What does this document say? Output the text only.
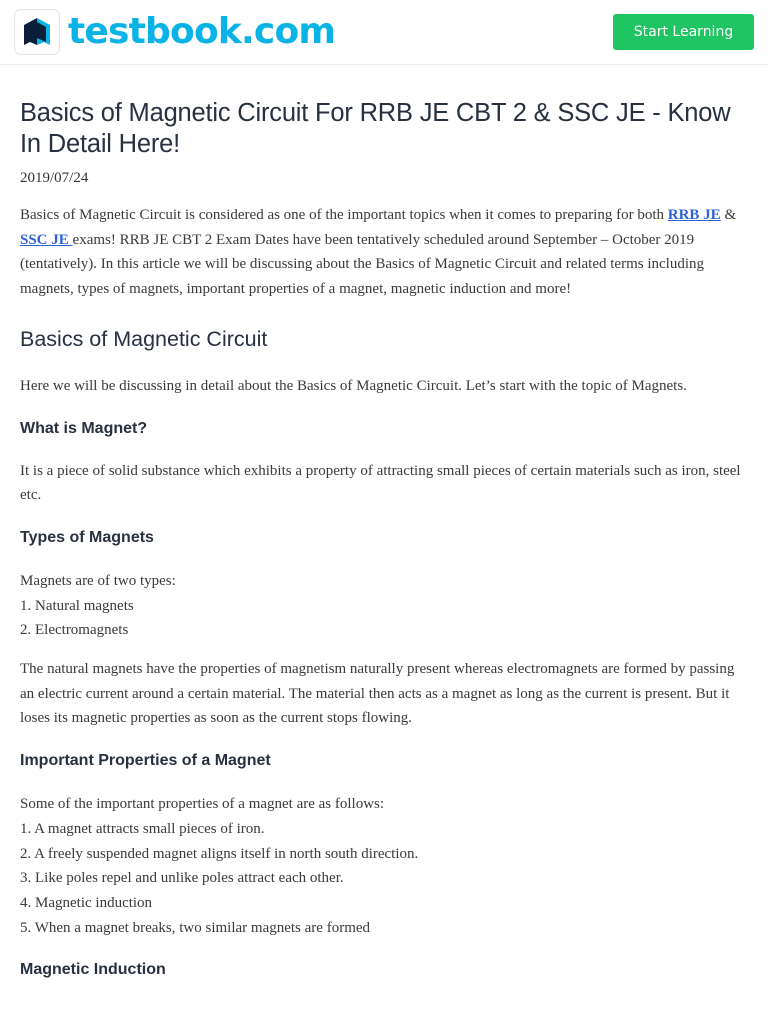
testbook.com	Start Learning
Basics of Magnetic Circuit For RRB JE CBT 2 & SSC JE - Know In Detail Here!
2019/07/24

Basics of Magnetic Circuit is considered as one of the important topics when it comes to preparing for both RRB JE & SSC JE exams! RRB JE CBT 2 Exam Dates have been tentatively scheduled around September – October 2019 (tentatively). In this article we will be discussing about the Basics of Magnetic Circuit and related terms including magnets, types of magnets, important properties of a magnet, magnetic induction and more!

Basics of Magnetic Circuit

Here we will be discussing in detail about the Basics of Magnetic Circuit. Let’s start with the topic of Magnets.

What is Magnet?

It is a piece of solid substance which exhibits a property of attracting small pieces of certain materials such as iron, steel etc.

Types of Magnets

Magnets are of two types:
1. Natural magnets
2. Electromagnets

The natural magnets have the properties of magnetism naturally present whereas electromagnets are formed by passing an electric current around a certain material. The material then acts as a magnet as long as the current is present. But it loses its magnetic properties as soon as the current stops flowing.

Important Properties of a Magnet

Some of the important properties of a magnet are as follows:
1. A magnet attracts small pieces of iron.
2. A freely suspended magnet aligns itself in north south direction.
3. Like poles repel and unlike poles attract each other.
4. Magnetic induction
5. When a magnet breaks, two similar magnets are formed

Magnetic Induction
